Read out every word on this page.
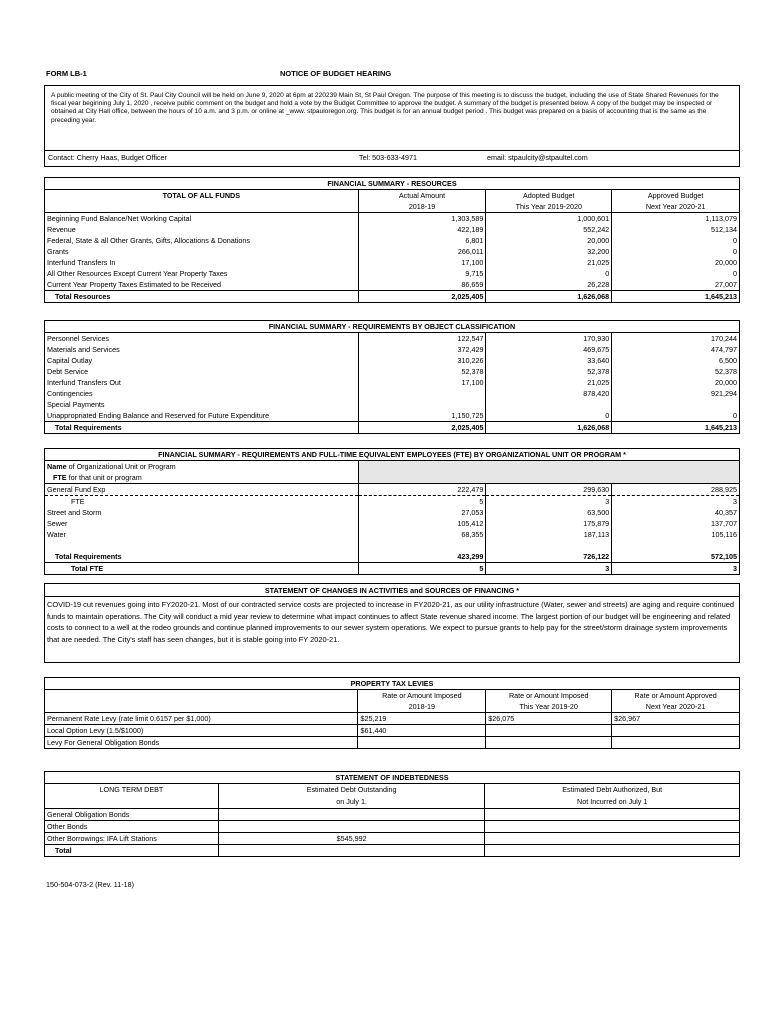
FORM LB-1	NOTICE OF BUDGET HEARING
A public meeting of the City of St. Paul City Council will be held on June 9, 2020 at 6pm at 220239 Main St, St Paul Oregon. The purpose of this meeting is to discuss the budget, including the use of State Shared Revenues for the fiscal year beginning July 1, 2020 , receive public comment on the budget and hold a vote by the Budget Committee to approve the budget. A summary of the budget is presented below. A copy of the budget may be inspected or obtained at City Hall office, between the hours of 10 a.m. and 3 p.m. or online at _www. stpauloregon.org. This budget is for an annual budget period . This budget was prepared on a basis of accounting that is the same as the preceding year.
Contact: Cherry Haas, Budget Officer	Tel: 503-633-4971	email: stpaulcity@stpaultel.com
FINANCIAL SUMMARY - RESOURCES			
TOTAL OF ALL FUNDS	Actual Amount	Adopted Budget	Approved Budget
	2018-19	This Year 2019-2020	Next Year 2020-21
Beginning Fund Balance/Net Working Capital	1,303,589	1,000,601	1,113,079
Revenue	422,189	552,242	512,134
Federal, State & all Other Grants, Gifts, Allocations & Donations	6,801	20,000	0
Grants	266,011	32,200	0
Interfund Transfers In	17,100	21,025	20,000
All Other Resources Except Current Year Property Taxes	9,715	0	0
Current Year Property Taxes Estimated to be Received	86,659	26,228	27,007
Total Resources	2,025,405	1,626,068	1,645,213
FINANCIAL SUMMARY - REQUIREMENTS BY OBJECT CLASSIFICATION			
Personnel Services	122,547	170,930	170,244
Materials and Services	372,429	469,675	474,797
Capital Outlay	310,226	33,640	6,500
Debt Service	52,378	52,378	52,378
Interfund Transfers Out	17,100	21,025	20,000
Contingencies		878,420	921,294
Special Payments			
Unappropriated Ending Balance and Reserved for Future Expenditure	1,150,725	0	0
Total Requirements	2,025,405	1,626,068	1,645,213
FINANCIAL SUMMARY - REQUIREMENTS AND FULL-TIME EQUIVALENT EMPLOYEES (FTE) BY ORGANIZATIONAL UNIT OR PROGRAM *			
Name of Organizational Unit or Program			
FTE for that unit or program			
General Fund Exp	222,479	299,630	288,925
FTE	5	3	3
Street and Storm	27,053	63,500	40,357
Sewer	105,412	175,879	137,707
Water	68,355	187,113	105,116

Total Requirements	423,299	726,122	572,105
Total FTE	5	3	3
STATEMENT OF CHANGES IN ACTIVITIES and SOURCES OF FINANCING *
COVID-19 cut revenues going into FY2020-21. Most of our contracted service costs are projected to increase in FY2020-21, as our utility infrastructure (Water, sewer and streets) are aging and require continued funds to maintain operations. The City will conduct a mid year review to determine what impact continues to affect State revenue shared income. The largest portion of our budget will be engineering and related costs to connect to a well at the rodeo grounds and continue planned improvements to our sewer system operations. We expect to pursue grants to help pay for the street/storm drainage system improvements that are needed. The City's staff has seen changes, but it is stable going into FY 2020-21.
PROPERTY TAX LEVIES			
	Rate or Amount Imposed	Rate or Amount Imposed	Rate or Amount Approved
	2018-19	This Year 2019-20	Next Year 2020-21
Permanent Rate Levy (rate limit 0.6157 per $1,000)	$25,219	$26,075	$26,967
Local Option Levy (1.5/$1000)	$61,440		
Levy For General Obligation Bonds			
STATEMENT OF INDEBTEDNESS		
LONG TERM DEBT	Estimated Debt Outstanding	Estimated Debt Authorized, But
	on July 1.	Not Incurred on July 1
General Obligation Bonds		
Other Bonds		
Other Borrowings: IFA Lift Stations	$545,992	
Total		
150-504-073-2 (Rev. 11-18)
